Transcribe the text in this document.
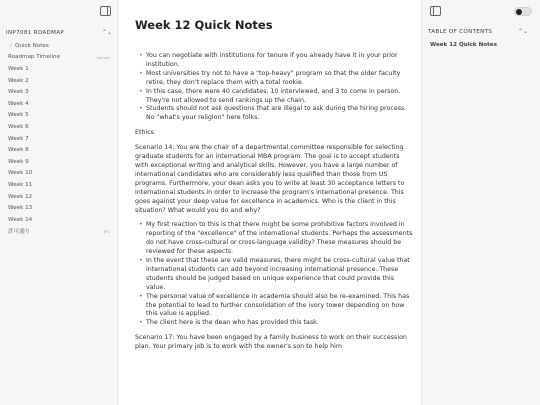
INP7081 ROADMAP	⌃⌄
› Quick Notes
Roadmap Timeline	canvas
Week 1
Week 2
Week 3
Week 4
Week 5
Week 6
Week 7
Week 8
Week 9
Week 10
Week 11
Week 12
Week 13
Week 14
許可通り	JPG
Week 12 Quick Notes
• You can negotiate with institutions for tenure if you already have it in your prior institution.
• Most universities try not to have a "top-heavy" program so that the older faculty retire, they don't replace them with a total rookie.
• In this case, there were 40 candidates, 10 interviewed, and 3 to come in person. They're not allowed to send rankings up the chain.
• Students should not ask questions that are illegal to ask during the hiring process. No "what's your religion" here folks.

Ethics

Scenario 14: You are the chair of a departmental committee responsible for selecting graduate students for an international MBA program. The goal is to accept students with exceptional writing and analytical skills. However, you have a large number of international candidates who are considerably less qualified than those from US programs. Furthermore, your dean asks you to write at least 30 acceptance letters to international students in order to increase the program's international presence. This goes against your deep value for excellence in academics. Who is the client in this situation? What would you do and why?

• My first reaction to this is that there might be some prohibitive factors involved in reporting of the "excellence" of the international students. Perhaps the assessments do not have cross-cultural or cross-language validity? These measures should be reviewed for these aspects.
• In the event that these are valid measures, there might be cross-cultural value that international students can add beyond increasing international presence. These students should be judged based on unique experience that could provide this value.
• The personal value of excellence in academia should also be re-examined. This has the potential to lead to further consolidation of the ivory tower depending on how this value is applied.
• The client here is the dean who has provided this task.

Scenario 17: You have been engaged by a family business to work on their succession plan. Your primary job is to work with the owner's son to help him

TABLE OF CONTENTS	⌃⌄
Week 12 Quick Notes
